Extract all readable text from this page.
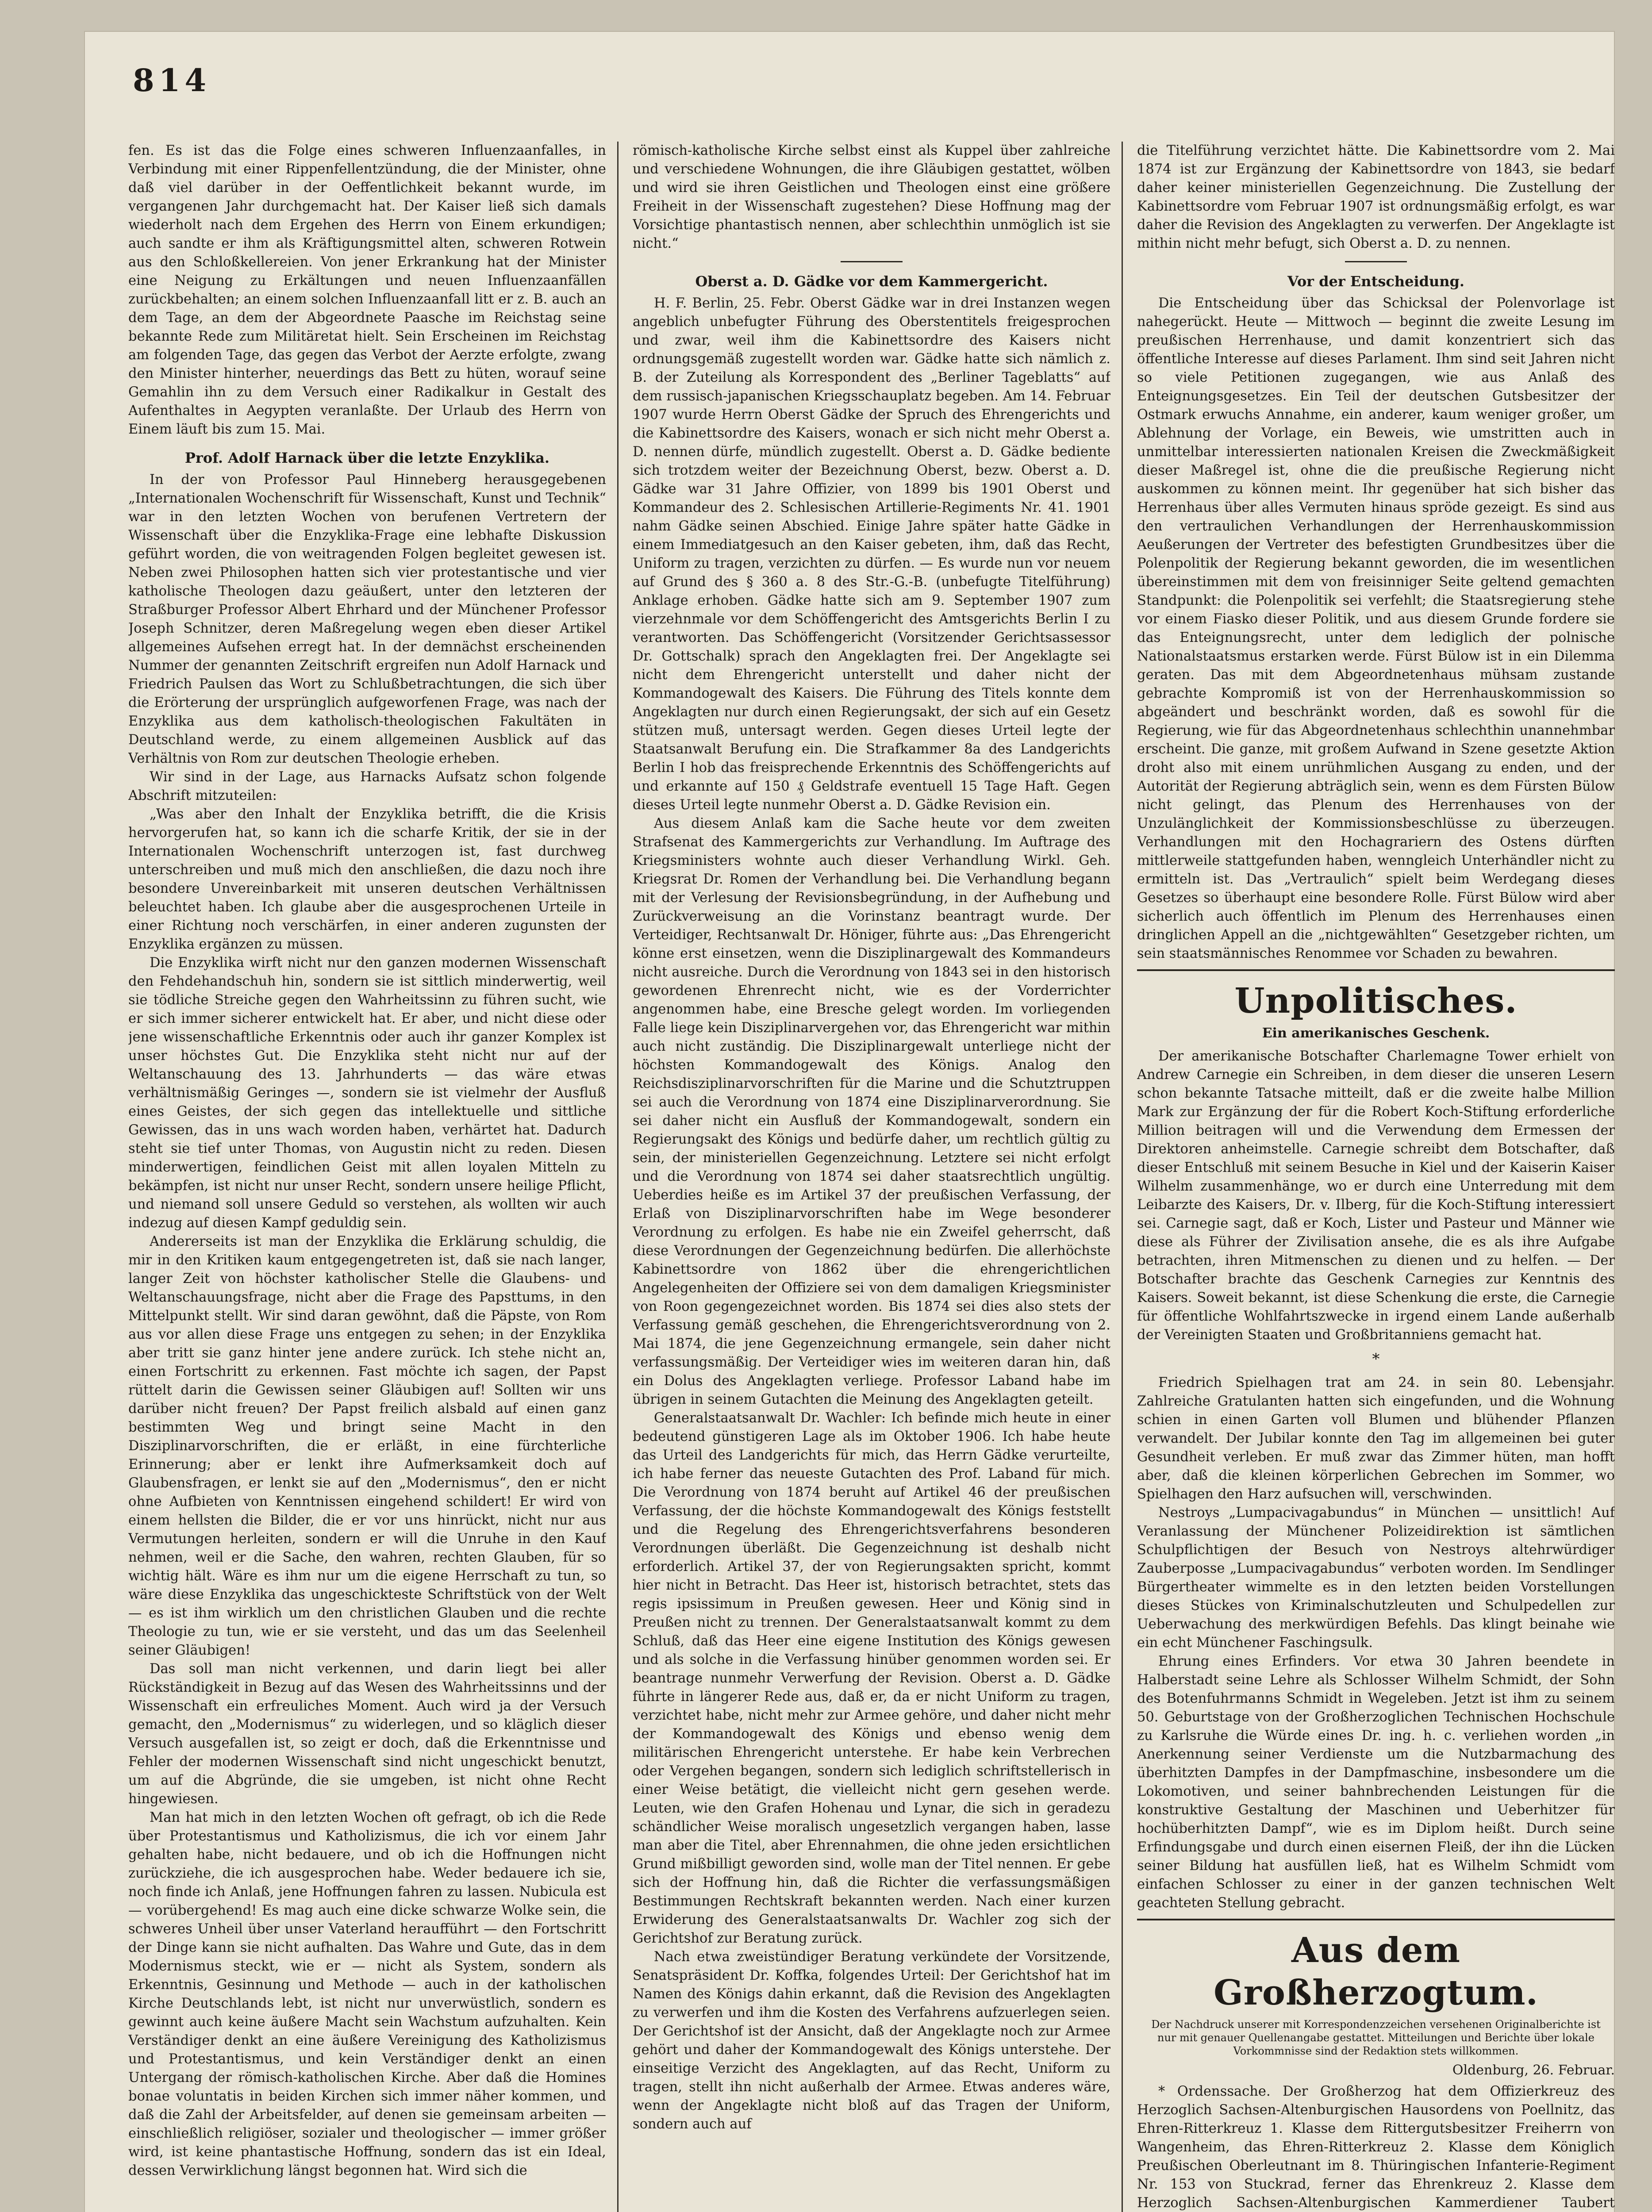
814

fen. Es ist das die Folge eines schweren Influenzaanfalles, in Verbindung mit einer Rippenfellentzündung, die der Minister, ohne daß viel darüber in der Oeffentlichkeit bekannt wurde, im vergangenen Jahr durchgemacht hat. Der Kaiser ließ sich damals wiederholt nach dem Ergehen des Herrn von Einem erkundigen; auch sandte er ihm als Kräftigungsmittel alten, schweren Rotwein aus den Schloßkellereien. Von jener Erkrankung hat der Minister eine Neigung zu Erkältungen und neuen Influenzaanfällen zurückbehalten; an einem solchen Influenzaanfall litt er z. B. auch an dem Tage, an dem der Abgeordnete Paasche im Reichstag seine bekannte Rede zum Militäretat hielt. Sein Erscheinen im Reichstag am folgenden Tage, das gegen das Verbot der Aerzte erfolgte, zwang den Minister hinterher, neuerdings das Bett zu hüten, worauf seine Gemahlin ihn zu dem Versuch einer Radikalkur in Gestalt des Aufenthaltes in Aegypten veranlaßte. Der Urlaub des Herrn von Einem läuft bis zum 15. Mai.

Prof. Adolf Harnack über die letzte Enzyklika.

In der von Professor Paul Hinneberg herausgegebenen „Internationalen Wochenschrift für Wissenschaft, Kunst und Technik“ war in den letzten Wochen von berufenen Vertretern der Wissenschaft über die Enzyklika-Frage eine lebhafte Diskussion geführt worden, die von weitragenden Folgen begleitet gewesen ist. Neben zwei Philosophen hatten sich vier protestantische und vier katholische Theologen dazu geäußert, unter den letzteren der Straßburger Professor Albert Ehrhard und der Münchener Professor Joseph Schnitzer, deren Maßregelung wegen eben dieser Artikel allgemeines Aufsehen erregt hat. In der demnächst erscheinenden Nummer der genannten Zeitschrift ergreifen nun Adolf Harnack und Friedrich Paulsen das Wort zu Schlußbetrachtungen, die sich über die Erörterung der ursprünglich aufgeworfenen Frage, was nach der Enzyklika aus dem katholisch-theologischen Fakultäten in Deutschland werde, zu einem allgemeinen Ausblick auf das Verhältnis von Rom zur deutschen Theologie erheben.

Wir sind in der Lage, aus Harnacks Aufsatz schon folgende Abschrift mitzuteilen:

„Was aber den Inhalt der Enzyklika betrifft, die die Krisis hervorgerufen hat, so kann ich die scharfe Kritik, der sie in der Internationalen Wochenschrift unterzogen ist, fast durchweg unterschreiben und muß mich den anschließen, die dazu noch ihre besondere Unvereinbarkeit mit unseren deutschen Verhältnissen beleuchtet haben. Ich glaube aber die ausgesprochenen Urteile in einer Richtung noch verschärfen, in einer anderen zugunsten der Enzyklika ergänzen zu müssen.

Die Enzyklika wirft nicht nur den ganzen modernen Wissenschaft den Fehdehandschuh hin, sondern sie ist sittlich minderwertig, weil sie tödliche Streiche gegen den Wahrheitssinn zu führen sucht, wie er sich immer sicherer entwickelt hat. Er aber, und nicht diese oder jene wissenschaftliche Erkenntnis oder auch ihr ganzer Komplex ist unser höchstes Gut. Die Enzyklika steht nicht nur auf der Weltanschauung des 13. Jahrhunderts — das wäre etwas verhältnismäßig Geringes —, sondern sie ist vielmehr der Ausfluß eines Geistes, der sich gegen das intellektuelle und sittliche Gewissen, das in uns wach worden haben, verhärtet hat. Dadurch steht sie tief unter Thomas, von Augustin nicht zu reden. Diesen minderwertigen, feindlichen Geist mit allen loyalen Mitteln zu bekämpfen, ist nicht nur unser Recht, sondern unsere heilige Pflicht, und niemand soll unsere Geduld so verstehen, als wollten wir auch indezug auf diesen Kampf geduldig sein.

Andererseits ist man der Enzyklika die Erklärung schuldig, die mir in den Kritiken kaum entgegengetreten ist, daß sie nach langer, langer Zeit von höchster katholischer Stelle die Glaubens- und Weltanschauungsfrage, nicht aber die Frage des Papsttums, in den Mittelpunkt stellt. Wir sind daran gewöhnt, daß die Päpste, von Rom aus vor allen diese Frage uns entgegen zu sehen; in der Enzyklika aber tritt sie ganz hinter jene andere zurück. Ich stehe nicht an, einen Fortschritt zu erkennen. Fast möchte ich sagen, der Papst rüttelt darin die Gewissen seiner Gläubigen auf! Sollten wir uns darüber nicht freuen? Der Papst freilich alsbald auf einen ganz bestimmten Weg und bringt seine Macht in den Disziplinarvorschriften, die er erläßt, in eine fürchterliche Erinnerung; aber er lenkt ihre Aufmerksamkeit doch auf Glaubensfragen, er lenkt sie auf den „Modernismus“, den er nicht ohne Aufbieten von Kenntnissen eingehend schildert! Er wird von einem hellsten die Bilder, die er vor uns hinrückt, nicht nur aus Vermutungen herleiten, sondern er will die Unruhe in den Kauf nehmen, weil er die Sache, den wahren, rechten Glauben, für so wichtig hält. Wäre es ihm nur um die eigene Herrschaft zu tun, so wäre diese Enzyklika das ungeschickteste Schriftstück von der Welt — es ist ihm wirklich um den christlichen Glauben und die rechte Theologie zu tun, wie er sie versteht, und das um das Seelenheil seiner Gläubigen!

Das soll man nicht verkennen, und darin liegt bei aller Rückständigkeit in Bezug auf das Wesen des Wahrheitssinns und der Wissenschaft ein erfreuliches Moment. Auch wird ja der Versuch gemacht, den „Modernismus“ zu widerlegen, und so kläglich dieser Versuch ausgefallen ist, so zeigt er doch, daß die Erkenntnisse und Fehler der modernen Wissenschaft sind nicht ungeschickt benutzt, um auf die Abgründe, die sie umgeben, ist nicht ohne Recht hingewiesen.

Man hat mich in den letzten Wochen oft gefragt, ob ich die Rede über Protestantismus und Katholizismus, die ich vor einem Jahr gehalten habe, nicht bedauere, und ob ich die Hoffnungen nicht zurückziehe, die ich ausgesprochen habe. Weder bedauere ich sie, noch finde ich Anlaß, jene Hoffnungen fahren zu lassen. Nubicula est — vorübergehend! Es mag auch eine dicke schwarze Wolke sein, die schweres Unheil über unser Vaterland heraufführt — den Fortschritt der Dinge kann sie nicht aufhalten. Das Wahre und Gute, das in dem Modernismus steckt, wie er — nicht als System, sondern als Erkenntnis, Gesinnung und Methode — auch in der katholischen Kirche Deutschlands lebt, ist nicht nur unverwüstlich, sondern es gewinnt auch keine äußere Macht sein Wachstum aufzuhalten. Kein Verständiger denkt an eine äußere Vereinigung des Katholizismus und Protestantismus, und kein Verständiger denkt an einen Untergang der römisch-katholischen Kirche. Aber daß die Homines bonae voluntatis in beiden Kirchen sich immer näher kommen, und daß die Zahl der Arbeitsfelder, auf denen sie gemeinsam arbeiten — einschließlich religiöser, sozialer und theologischer — immer größer wird, ist keine phantastische Hoffnung, sondern das ist ein Ideal, dessen Verwirklichung längst begonnen hat. Wird sich die

römisch-katholische Kirche selbst einst als Kuppel über zahlreiche und verschiedene Wohnungen, die ihre Gläubigen gestattet, wölben und wird sie ihren Geistlichen und Theologen einst eine größere Freiheit in der Wissenschaft zugestehen? Diese Hoffnung mag der Vorsichtige phantastisch nennen, aber schlechthin unmöglich ist sie nicht.“

Oberst a. D. Gädke vor dem Kammergericht.

H. F. Berlin, 25. Febr. Oberst Gädke war in drei Instanzen wegen angeblich unbefugter Führung des Oberstentitels freigesprochen und zwar, weil ihm die Kabinettsordre des Kaisers nicht ordnungsgemäß zugestellt worden war. Gädke hatte sich nämlich z. B. der Zuteilung als Korrespondent des „Berliner Tageblatts“ auf dem russisch-japanischen Kriegsschauplatz begeben. Am 14. Februar 1907 wurde Herrn Oberst Gädke der Spruch des Ehrengerichts und die Kabinettsordre des Kaisers, wonach er sich nicht mehr Oberst a. D. nennen dürfe, mündlich zugestellt. Oberst a. D. Gädke bediente sich trotzdem weiter der Bezeichnung Oberst, bezw. Oberst a. D. Gädke war 31 Jahre Offizier, von 1899 bis 1901 Oberst und Kommandeur des 2. Schlesischen Artillerie-Regiments Nr. 41. 1901 nahm Gädke seinen Abschied. Einige Jahre später hatte Gädke in einem Immediatgesuch an den Kaiser gebeten, ihm, daß das Recht, Uniform zu tragen, verzichten zu dürfen. — Es wurde nun vor neuem auf Grund des § 360 a. 8 des Str.-G.-B. (unbefugte Titelführung) Anklage erhoben. Gädke hatte sich am 9. September 1907 zum vierzehnmale vor dem Schöffengericht des Amtsgerichts Berlin I zu verantworten. Das Schöffengericht (Vorsitzender Gerichtsassessor Dr. Gottschalk) sprach den Angeklagten frei. Der Angeklagte sei nicht dem Ehrengericht unterstellt und daher nicht der Kommandogewalt des Kaisers. Die Führung des Titels konnte dem Angeklagten nur durch einen Regierungsakt, der sich auf ein Gesetz stützen muß, untersagt werden. Gegen dieses Urteil legte der Staatsanwalt Berufung ein. Die Strafkammer 8a des Landgerichts Berlin I hob das freisprechende Erkenntnis des Schöffengerichts auf und erkannte auf 150 ₰ Geldstrafe eventuell 15 Tage Haft. Gegen dieses Urteil legte nunmehr Oberst a. D. Gädke Revision ein.

Aus diesem Anlaß kam die Sache heute vor dem zweiten Strafsenat des Kammergerichts zur Verhandlung. Im Auftrage des Kriegsministers wohnte auch dieser Verhandlung Wirkl. Geh. Kriegsrat Dr. Romen der Verhandlung bei. Die Verhandlung begann mit der Verlesung der Revisionsbegründung, in der Aufhebung und Zurückverweisung an die Vorinstanz beantragt wurde. Der Verteidiger, Rechtsanwalt Dr. Höniger, führte aus: „Das Ehrengericht könne erst einsetzen, wenn die Disziplinargewalt des Kommandeurs nicht ausreiche. Durch die Verordnung von 1843 sei in den historisch gewordenen Ehrenrecht nicht, wie es der Vorderrichter angenommen habe, eine Bresche gelegt worden. Im vorliegenden Falle liege kein Disziplinarvergehen vor, das Ehrengericht war mithin auch nicht zuständig. Die Disziplinargewalt unterliege nicht der höchsten Kommandogewalt des Königs. Analog den Reichsdisziplinarvorschriften für die Marine und die Schutztruppen sei auch die Verordnung von 1874 eine Disziplinarverordnung. Sie sei daher nicht ein Ausfluß der Kommandogewalt, sondern ein Regierungsakt des Königs und bedürfe daher, um rechtlich gültig zu sein, der ministeriellen Gegenzeichnung. Letztere sei nicht erfolgt und die Verordnung von 1874 sei daher staatsrechtlich ungültig. Ueberdies heiße es im Artikel 37 der preußischen Verfassung, der Erlaß von Disziplinarvorschriften habe im Wege besonderer Verordnung zu erfolgen. Es habe nie ein Zweifel geherrscht, daß diese Verordnungen der Gegenzeichnung bedürfen. Die allerhöchste Kabinettsordre von 1862 über die ehrengerichtlichen Angelegenheiten der Offiziere sei von dem damaligen Kriegsminister von Roon gegengezeichnet worden. Bis 1874 sei dies also stets der Verfassung gemäß geschehen, die Ehrengerichtsverordnung von 2. Mai 1874, die jene Gegenzeichnung ermangele, sein daher nicht verfassungsmäßig. Der Verteidiger wies im weiteren daran hin, daß ein Dolus des Angeklagten verliege. Professor Laband habe im übrigen in seinem Gutachten die Meinung des Angeklagten geteilt.

Generalstaatsanwalt Dr. Wachler: Ich befinde mich heute in einer bedeutend günstigeren Lage als im Oktober 1906. Ich habe heute das Urteil des Landgerichts für mich, das Herrn Gädke verurteilte, ich habe ferner das neueste Gutachten des Prof. Laband für mich. Die Verordnung von 1874 beruht auf Artikel 46 der preußischen Verfassung, der die höchste Kommandogewalt des Königs feststellt und die Regelung des Ehrengerichtsverfahrens besonderen Verordnungen überläßt. Die Gegenzeichnung ist deshalb nicht erforderlich. Artikel 37, der von Regierungsakten spricht, kommt hier nicht in Betracht. Das Heer ist, historisch betrachtet, stets das regis ipsissimum in Preußen gewesen. Heer und König sind in Preußen nicht zu trennen. Der Generalstaatsanwalt kommt zu dem Schluß, daß das Heer eine eigene Institution des Königs gewesen und als solche in die Verfassung hinüber genommen worden sei. Er beantrage nunmehr Verwerfung der Revision. Oberst a. D. Gädke führte in längerer Rede aus, daß er, da er nicht Uniform zu tragen, verzichtet habe, nicht mehr zur Armee gehöre, und daher nicht mehr der Kommandogewalt des Königs und ebenso wenig dem militärischen Ehrengericht unterstehe. Er habe kein Verbrechen oder Vergehen begangen, sondern sich lediglich schriftstellerisch in einer Weise betätigt, die vielleicht nicht gern gesehen werde. Leuten, wie den Grafen Hohenau und Lynar, die sich in geradezu schändlicher Weise moralisch ungesetzlich vergangen haben, lasse man aber die Titel, aber Ehrennahmen, die ohne jeden ersichtlichen Grund mißbilligt geworden sind, wolle man der Titel nennen. Er gebe sich der Hoffnung hin, daß die Richter die verfassungsmäßigen Bestimmungen Rechtskraft bekannten werden. Nach einer kurzen Erwiderung des Generalstaatsanwalts Dr. Wachler zog sich der Gerichtshof zur Beratung zurück.

Nach etwa zweistündiger Beratung verkündete der Vorsitzende, Senatspräsident Dr. Koffka, folgendes Urteil: Der Gerichtshof hat im Namen des Königs dahin erkannt, daß die Revision des Angeklagten zu verwerfen und ihm die Kosten des Verfahrens aufzuerlegen seien. Der Gerichtshof ist der Ansicht, daß der Angeklagte noch zur Armee gehört und daher der Kommandogewalt des Königs unterstehe. Der einseitige Verzicht des Angeklagten, auf das Recht, Uniform zu tragen, stellt ihn nicht außerhalb der Armee. Etwas anderes wäre, wenn der Angeklagte nicht bloß auf das Tragen der Uniform, sondern auch auf

die Titelführung verzichtet hätte. Die Kabinettsordre vom 2. Mai 1874 ist zur Ergänzung der Kabinettsordre von 1843, sie bedarf daher keiner ministeriellen Gegenzeichnung. Die Zustellung der Kabinettsordre vom Februar 1907 ist ordnungsmäßig erfolgt, es war daher die Revision des Angeklagten zu verwerfen. Der Angeklagte ist mithin nicht mehr befugt, sich Oberst a. D. zu nennen.

Vor der Entscheidung.

Die Entscheidung über das Schicksal der Polenvorlage ist nahegerückt. Heute — Mittwoch — beginnt die zweite Lesung im preußischen Herrenhause, und damit konzentriert sich das öffentliche Interesse auf dieses Parlament. Ihm sind seit Jahren nicht so viele Petitionen zugegangen, wie aus Anlaß des Enteignungsgesetzes. Ein Teil der deutschen Gutsbesitzer der Ostmark erwuchs Annahme, ein anderer, kaum weniger großer, um Ablehnung der Vorlage, ein Beweis, wie umstritten auch in unmittelbar interessierten nationalen Kreisen die Zweckmäßigkeit dieser Maßregel ist, ohne die die preußische Regierung nicht auskommen zu können meint. Ihr gegenüber hat sich bisher das Herrenhaus über alles Vermuten hinaus spröde gezeigt. Es sind aus den vertraulichen Verhandlungen der Herrenhauskommission Aeußerungen der Vertreter des befestigten Grundbesitzes über die Polenpolitik der Regierung bekannt geworden, die im wesentlichen übereinstimmen mit dem von freisinniger Seite geltend gemachten Standpunkt: die Polenpolitik sei verfehlt; die Staatsregierung stehe vor einem Fiasko dieser Politik, und aus diesem Grunde fordere sie das Enteignungsrecht, unter dem lediglich der polnische Nationalstaatsmus erstarken werde. Fürst Bülow ist in ein Dilemma geraten. Das mit dem Abgeordnetenhaus mühsam zustande gebrachte Kompromiß ist von der Herrenhauskommission so abgeändert und beschränkt worden, daß es sowohl für die Regierung, wie für das Abgeordnetenhaus schlechthin unannehmbar erscheint. Die ganze, mit großem Aufwand in Szene gesetzte Aktion droht also mit einem unrühmlichen Ausgang zu enden, und der Autorität der Regierung abträglich sein, wenn es dem Fürsten Bülow nicht gelingt, das Plenum des Herrenhauses von der Unzulänglichkeit der Kommissionsbeschlüsse zu überzeugen. Verhandlungen mit den Hochagrariern des Ostens dürften mittlerweile stattgefunden haben, wenngleich Unterhändler nicht zu ermitteln ist. Das „Vertraulich“ spielt beim Werdegang dieses Gesetzes so überhaupt eine besondere Rolle. Fürst Bülow wird aber sicherlich auch öffentlich im Plenum des Herrenhauses einen dringlichen Appell an die „nichtgewählten“ Gesetzgeber richten, um sein staatsmännisches Renommee vor Schaden zu bewahren.

Unpolitisches.
Ein amerikanisches Geschenk.

Der amerikanische Botschafter Charlemagne Tower erhielt von Andrew Carnegie ein Schreiben, in dem dieser die unseren Lesern schon bekannte Tatsache mitteilt, daß er die zweite halbe Million Mark zur Ergänzung der für die Robert Koch-Stiftung erforderliche Million beitragen will und die Verwendung dem Ermessen der Direktoren anheimstelle. Carnegie schreibt dem Botschafter, daß dieser Entschluß mit seinem Besuche in Kiel und der Kaiserin Kaiser Wilhelm zusammenhänge, wo er durch eine Unterredung mit dem Leibarzte des Kaisers, Dr. v. Ilberg, für die Koch-Stiftung interessiert sei. Carnegie sagt, daß er Koch, Lister und Pasteur und Männer wie diese als Führer der Zivilisation ansehe, die es als ihre Aufgabe betrachten, ihren Mitmenschen zu dienen und zu helfen. — Der Botschafter brachte das Geschenk Carnegies zur Kenntnis des Kaisers. Soweit bekannt, ist diese Schenkung die erste, die Carnegie für öffentliche Wohlfahrtszwecke in irgend einem Lande außerhalb der Vereinigten Staaten und Großbritanniens gemacht hat.

*

Friedrich Spielhagen trat am 24. in sein 80. Lebensjahr. Zahlreiche Gratulanten hatten sich eingefunden, und die Wohnung schien in einen Garten voll Blumen und blühender Pflanzen verwandelt. Der Jubilar konnte den Tag im allgemeinen bei guter Gesundheit verleben. Er muß zwar das Zimmer hüten, man hofft aber, daß die kleinen körperlichen Gebrechen im Sommer, wo Spielhagen den Harz aufsuchen will, verschwinden.

Nestroys „Lumpacivagabundus“ in München — unsittlich! Auf Veranlassung der Münchener Polizeidirektion ist sämtlichen Schulpflichtigen der Besuch von Nestroys altehrwürdiger Zauberposse „Lumpacivagabundus“ verboten worden. Im Sendlinger Bürgertheater wimmelte es in den letzten beiden Vorstellungen dieses Stückes von Kriminalschutzleuten und Schulpedellen zur Ueberwachung des merkwürdigen Befehls. Das klingt beinahe wie ein echt Münchener Faschingsulk.

Ehrung eines Erfinders. Vor etwa 30 Jahren beendete in Halberstadt seine Lehre als Schlosser Wilhelm Schmidt, der Sohn des Botenfuhrmanns Schmidt in Wegeleben. Jetzt ist ihm zu seinem 50. Geburtstage von der Großherzoglichen Technischen Hochschule zu Karlsruhe die Würde eines Dr. ing. h. c. verliehen worden „in Anerkennung seiner Verdienste um die Nutzbarmachung des überhitzten Dampfes in der Dampfmaschine, insbesondere um die Lokomotiven, und seiner bahnbrechenden Leistungen für die konstruktive Gestaltung der Maschinen und Ueberhitzer für hochüberhitzten Dampf“, wie es im Diplom heißt. Durch seine Erfindungsgabe und durch einen eisernen Fleiß, der ihn die Lücken seiner Bildung hat ausfüllen ließ, hat es Wilhelm Schmidt vom einfachen Schlosser zu einer in der ganzen technischen Welt geachteten Stellung gebracht.

Aus dem Großherzogtum.
Der Nachdruck unserer mit Korrespondenzzeichen versehenen Originalberichte ist nur mit genauer Quellenangabe gestattet. Mitteilungen und Berichte über lokale Vorkommnisse sind der Redaktion stets willkommen.
Oldenburg, 26. Februar.

* Ordenssache. Der Großherzog hat dem Offizierkreuz des Herzoglich Sachsen-Altenburgischen Hausordens von Poellnitz, das Ehren-Ritterkreuz 1. Klasse dem Rittergutsbesitzer Freiherrn von Wangenheim, das Ehren-Ritterkreuz 2. Klasse dem Königlich Preußischen Oberleutnant im 8. Thüringischen Infanterie-Regiment Nr. 153 von Stuckrad, ferner das Ehrenkreuz 2. Klasse dem Herzoglich Sachsen-Altenburgischen Kammerdiener Taubert
